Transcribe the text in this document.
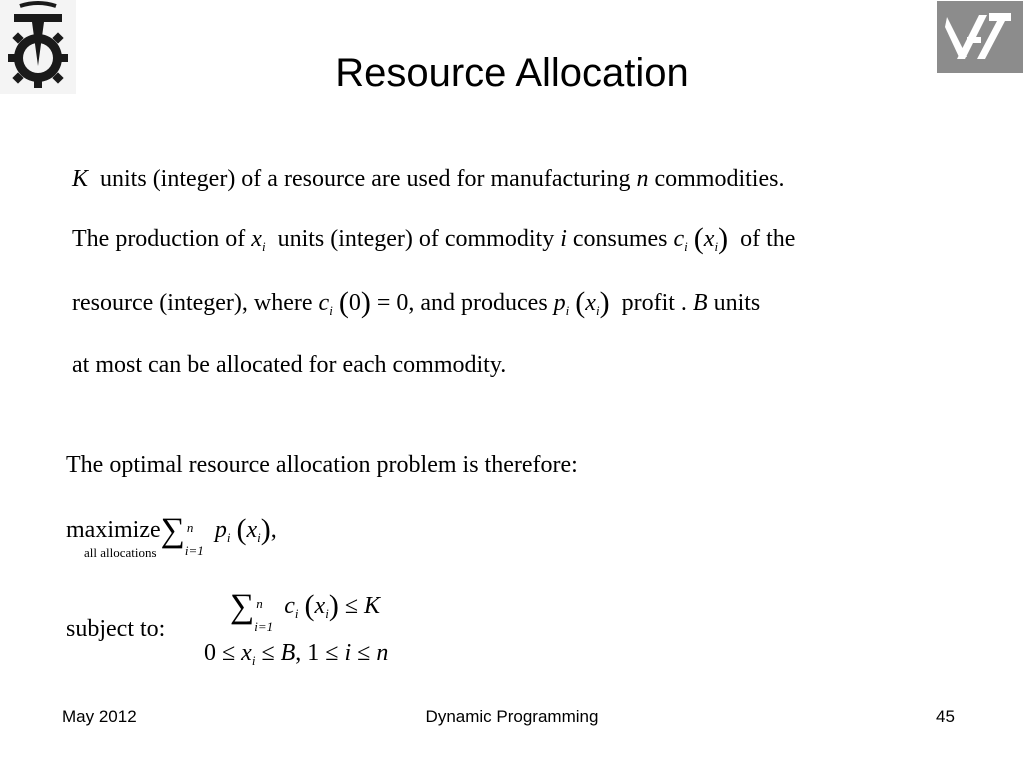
Resource Allocation
K units (integer) of a resource are used for manufacturing n commodities.
The production of $x_i$ units (integer) of commodity i consumes $c_i$ $(x_i)$ of the
resource (integer), where $c_i$ (0) = 0, and produces $p_i$ $(x_i)$ profit . B units
at most can be allocated for each commodity.
The optimal resource allocation problem is therefore:
maximize∑ n
i=1
$p_i$ $(x_i)$,
all allocations
subject to:
∑ n
i=1
$c_i$ $(x_i) \le K$
$0 \le x_i \le B$, 1 ≤ i ≤ n
May 2012	Dynamic Programming	45
